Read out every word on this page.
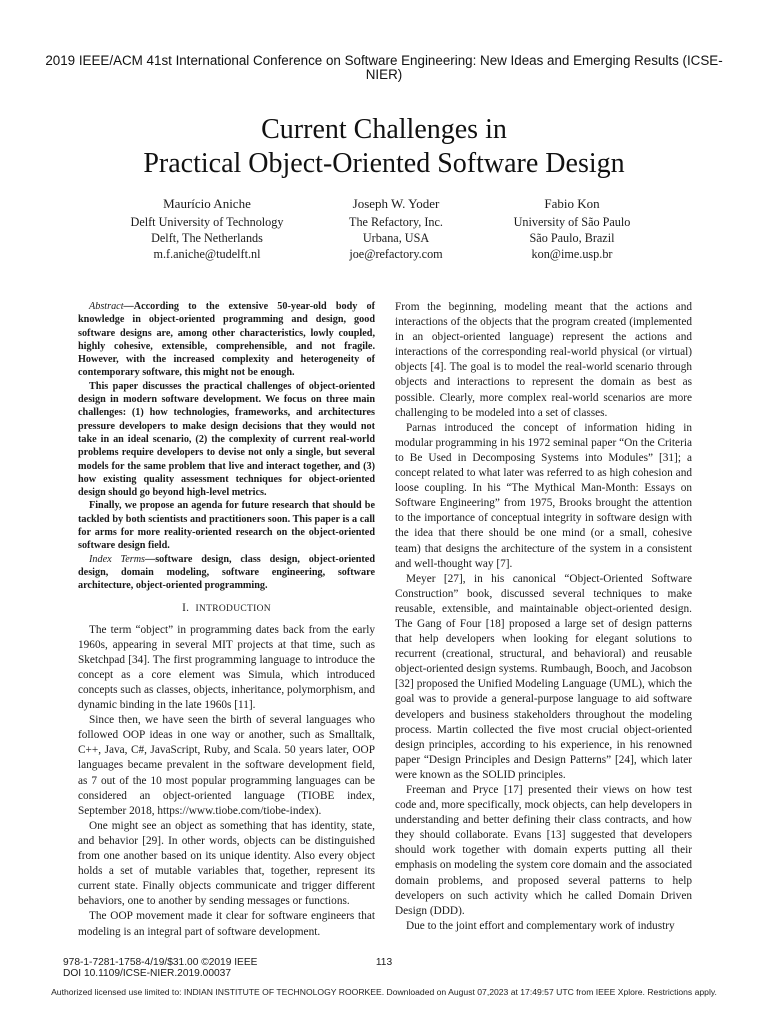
2019 IEEE/ACM 41st International Conference on Software Engineering: New Ideas and Emerging Results (ICSE-NIER)
Current Challenges in
Practical Object-Oriented Software Design
Maurício Aniche
Delft University of Technology
Delft, The Netherlands
m.f.aniche@tudelft.nl
Joseph W. Yoder
The Refactory, Inc.
Urbana, USA
joe@refactory.com
Fabio Kon
University of São Paulo
São Paulo, Brazil
kon@ime.usp.br

Abstract—According to the extensive 50-year-old body of knowledge in object-oriented programming and design, good software designs are, among other characteristics, lowly coupled, highly cohesive, extensible, comprehensible, and not fragile. However, with the increased complexity and heterogeneity of contemporary software, this might not be enough.

This paper discusses the practical challenges of object-oriented design in modern software development. We focus on three main challenges: (1) how technologies, frameworks, and architectures pressure developers to make design decisions that they would not take in an ideal scenario, (2) the complexity of current real-world problems require developers to devise not only a single, but several models for the same problem that live and interact together, and (3) how existing quality assessment techniques for object-oriented design should go beyond high-level metrics.

Finally, we propose an agenda for future research that should be tackled by both scientists and practitioners soon. This paper is a call for arms for more reality-oriented research on the object-oriented software design field.

Index Terms—software design, class design, object-oriented design, domain modeling, software engineering, software architecture, object-oriented programming.

I. INTRODUCTION

The term “object” in programming dates back from the early 1960s, appearing in several MIT projects at that time, such as Sketchpad [34]. The first programming language to introduce the concept as a core element was Simula, which introduced concepts such as classes, objects, inheritance, polymorphism, and dynamic binding in the late 1960s [11].

Since then, we have seen the birth of several languages who followed OOP ideas in one way or another, such as Smalltalk, C++, Java, C#, JavaScript, Ruby, and Scala. 50 years later, OOP languages became prevalent in the software development field, as 7 out of the 10 most popular programming languages can be considered an object-oriented language (TIOBE index, September 2018, https://www.tiobe.com/tiobe-index).

One might see an object as something that has identity, state, and behavior [29]. In other words, objects can be distinguished from one another based on its unique identity. Also every object holds a set of mutable variables that, together, represent its current state. Finally objects communicate and trigger different behaviors, one to another by sending messages or functions.

The OOP movement made it clear for software engineers that modeling is an integral part of software development.

From the beginning, modeling meant that the actions and interactions of the objects that the program created (implemented in an object-oriented language) represent the actions and interactions of the corresponding real-world physical (or virtual) objects [4]. The goal is to model the real-world scenario through objects and interactions to represent the domain as best as possible. Clearly, more complex real-world scenarios are more challenging to be modeled into a set of classes.

Parnas introduced the concept of information hiding in modular programming in his 1972 seminal paper “On the Criteria to Be Used in Decomposing Systems into Modules” [31]; a concept related to what later was referred to as high cohesion and loose coupling. In his “The Mythical Man-Month: Essays on Software Engineering” from 1975, Brooks brought the attention to the importance of conceptual integrity in software design with the idea that there should be one mind (or a small, cohesive team) that designs the architecture of the system in a consistent and well-thought way [7].

Meyer [27], in his canonical “Object-Oriented Software Construction” book, discussed several techniques to make reusable, extensible, and maintainable object-oriented design. The Gang of Four [18] proposed a large set of design patterns that help developers when looking for elegant solutions to recurrent (creational, structural, and behavioral) and reusable object-oriented design systems. Rumbaugh, Booch, and Jacobson [32] proposed the Unified Modeling Language (UML), which the goal was to provide a general-purpose language to aid software developers and business stakeholders throughout the modeling process. Martin collected the five most crucial object-oriented design principles, according to his experience, in his renowned paper “Design Principles and Design Patterns” [24], which later were known as the SOLID principles.

Freeman and Pryce [17] presented their views on how test code and, more specifically, mock objects, can help developers in understanding and better defining their class contracts, and how they should collaborate. Evans [13] suggested that developers should work together with domain experts putting all their emphasis on modeling the system core domain and the associated domain problems, and proposed several patterns to help developers on such activity which he called Domain Driven Design (DDD).

Due to the joint effort and complementary work of industry

978-1-7281-1758-4/19/$31.00 ©2019 IEEE
DOI 10.1109/ICSE-NIER.2019.00037
113
Authorized licensed use limited to: INDIAN INSTITUTE OF TECHNOLOGY ROORKEE. Downloaded on August 07,2023 at 17:49:57 UTC from IEEE Xplore. Restrictions apply.
